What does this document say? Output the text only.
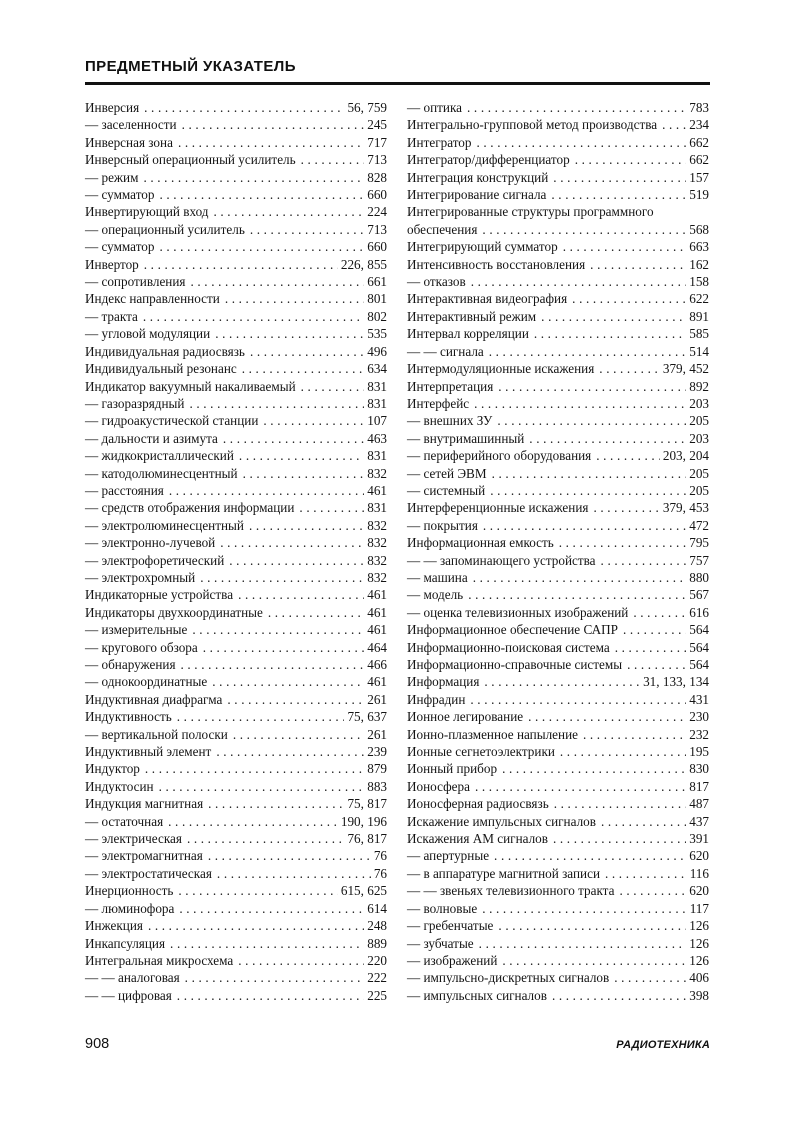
ПРЕДМЕТНЫЙ УКАЗАТЕЛЬ
Инверсия .....	56, 759
— заселенности .....	245
Инверсная зона .....	717
Инверсный операционный усилитель .....	713
— режим .....	828
— сумматор .....	660
Инвертирующий вход .....	224
— операционный усилитель .....	713
— сумматор .....	660
Инвертор .....	226, 855
— сопротивления .....	661
Индекс направленности .....	801
— тракта .....	802
— угловой модуляции .....	535
Индивидуальная радиосвязь .....	496
Индивидуальный резонанс .....	634
Индикатор вакуумный накаливаемый .....	831
— газоразрядный .....	831
— гидроакустической станции .....	107
— дальности и азимута .....	463
— жидкокристаллический .....	831
— катодолюминесцентный .....	832
— расстояния .....	461
— средств отображения информации .....	831
— электролюминесцентный .....	832
— электронно-лучевой .....	832
— электрофоретический .....	832
— электрохромный .....	832
Индикаторные устройства .....	461
Индикаторы двухкоординатные .....	461
— измерительные .....	461
— кругового обзора .....	464
— обнаружения .....	466
— однокоординатные .....	461
Индуктивная диафрагма .....	261
Индуктивность .....	75, 637
— вертикальной полоски .....	261
Индуктивный элемент .....	239
Индуктор .....	879
Индуктосин .....	883
Индукция магнитная .....	75, 817
— остаточная .....	190, 196
— электрическая .....	76, 817
— электромагнитная .....	76
— электростатическая .....	76
Инерционность .....	615, 625
— люминофора .....	614
Инжекция .....	248
Инкапсуляция .....	889
Интегральная микросхема .....	220
— — аналоговая .....	222
— — цифровая .....	225
— оптика .....	783
Интегрально-групповой метод производства ..... 234
Интегратор .....	662
Интегратор/дифференциатор .....	662
Интеграция конструкций .....	157
Интегрирование сигнала .....	519
Интегрированные структуры программного
обеспечения .....	568
Интегрирующий сумматор .....	663
Интенсивность восстановления .....	162
— отказов .....	158
Интерактивная видеография .....	622
Интерактивный режим .....	891
Интервал корреляции .....	585
— — сигнала .....	514
Интермодуляционные искажения .....	379, 452
Интерпретация .....	892
Интерфейс .....	203
— внешних ЗУ .....	205
— внутримашинный .....	203
— периферийного оборудования .....	203, 204
— сетей ЭВМ .....	205
— системный .....	205
Интерференционные искажения .....	379, 453
— покрытия .....	472
Информационная емкость .....	795
— — запоминающего устройства .....	757
— машина .....	880
— модель .....	567
— оценка телевизионных изображений .....	616
Информационное обеспечение САПР .....	564
Информационно-поисковая система .....	564
Информационно-справочные системы .....	564
Информация .....	31, 133, 134
Инфрадин .....	431
Ионное легирование .....	230
Ионно-плазменное напыление .....	232
Ионные сегнетоэлектрики .....	195
Ионный прибор .....	830
Ионосфера .....	817
Ионосферная радиосвязь .....	487
Искажение импульсных сигналов .....	437
Искажения АМ сигналов .....	391
— апертурные .....	620
— в аппаратуре магнитной записи .....	116
— — звеньях телевизионного тракта .....	620
— волновые .....	117
— гребенчатые .....	126
— зубчатые .....	126
— изображений .....	126
— импульсно-дискретных сигналов .....	406
— импульсных сигналов .....	398
908	РАДИОТЕХНИКА
